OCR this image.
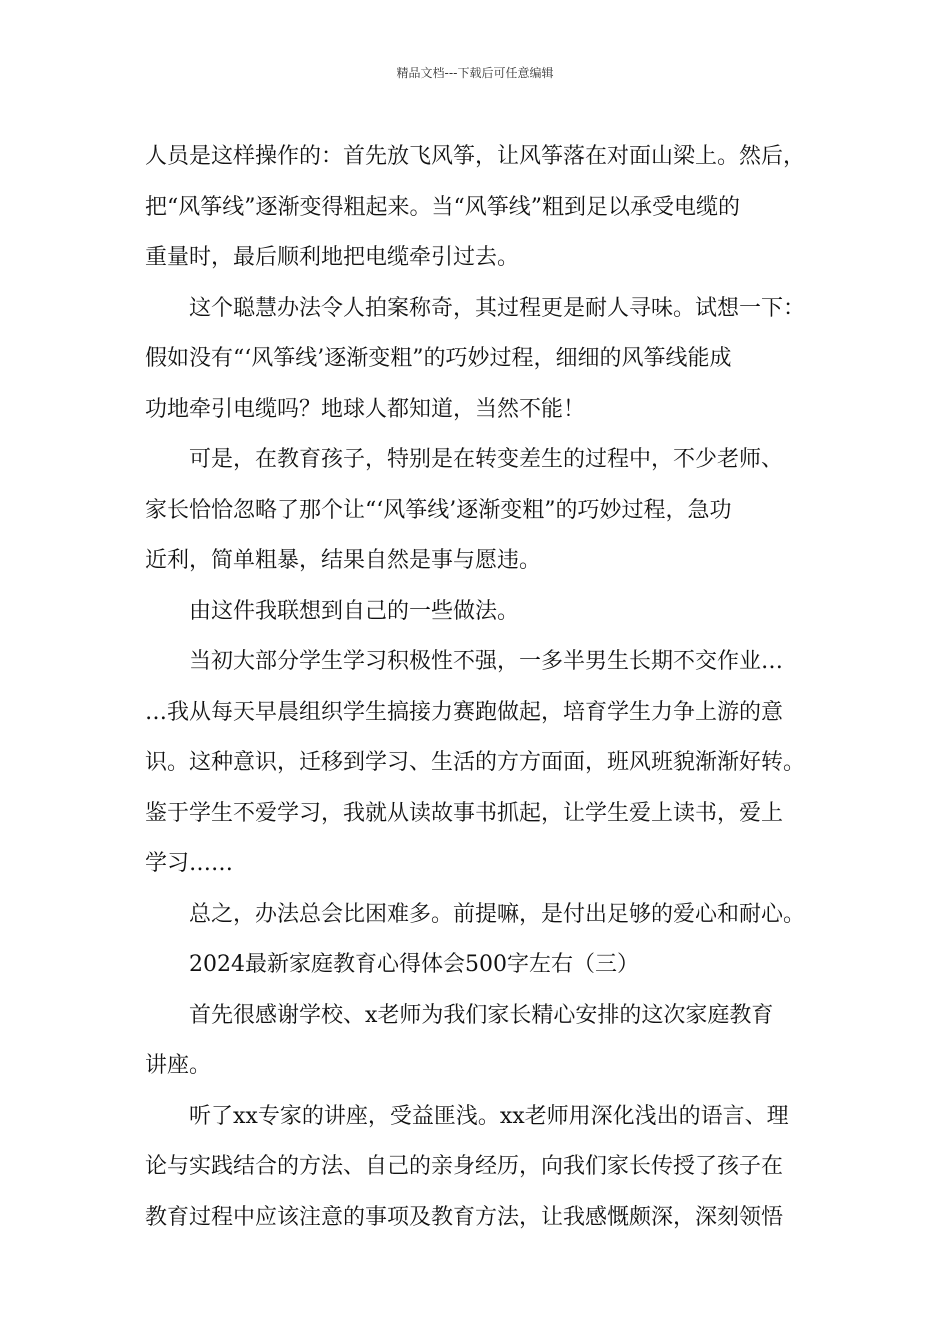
精品文档---下载后可任意编辑
人员是这样操作的：首先放飞风筝，让风筝落在对面山梁上。然后，
把“风筝线”逐渐变得粗起来。当“风筝线”粗到足以承受电缆的
重量时，最后顺利地把电缆牵引过去。
这个聪慧办法令人拍案称奇，其过程更是耐人寻味。试想一下：
假如没有“‘风筝线’逐渐变粗”的巧妙过程，细细的风筝线能成
功地牵引电缆吗？地球人都知道，当然不能！
可是，在教育孩子，特别是在转变差生的过程中，不少老师、
家长恰恰忽略了那个让“‘风筝线’逐渐变粗”的巧妙过程，急功
近利，简单粗暴，结果自然是事与愿违。
由这件我联想到自己的一些做法。
当初大部分学生学习积极性不强，一多半男生长期不交作业…
…我从每天早晨组织学生搞接力赛跑做起，培育学生力争上游的意
识。这种意识，迁移到学习、生活的方方面面，班风班貌渐渐好转。
鉴于学生不爱学习，我就从读故事书抓起，让学生爱上读书，爱上
学习……
总之，办法总会比困难多。前提嘛，是付出足够的爱心和耐心。
2024最新家庭教育心得体会500字左右（三）
首先很感谢学校、x老师为我们家长精心安排的这次家庭教育
讲座。
听了xx专家的讲座，受益匪浅。xx老师用深化浅出的语言、理
论与实践结合的方法、自己的亲身经历，向我们家长传授了孩子在
教育过程中应该注意的事项及教育方法，让我感慨颇深，深刻领悟
